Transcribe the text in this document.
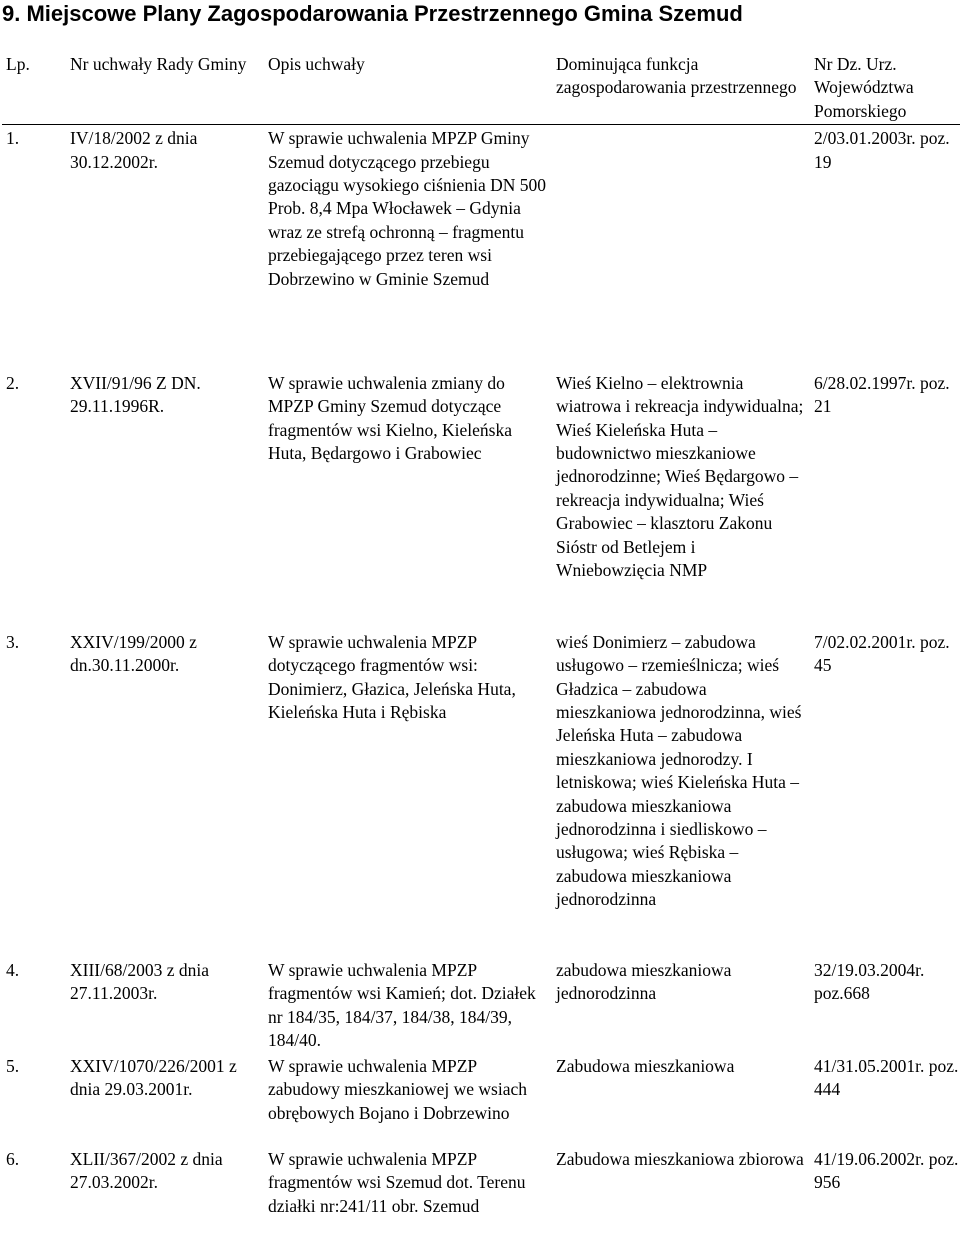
9. Miejscowe Plany Zagospodarowania Przestrzennego Gmina Szemud
Lp.	Nr uchwały Rady Gminy	Opis uchwały	Dominująca funkcja zagospodarowania przestrzennego	Nr Dz. Urz. Województwa Pomorskiego
1.	IV/18/2002 z dnia 30.12.2002r.	W sprawie uchwalenia MPZP Gminy Szemud dotyczącego przebiegu gazociągu wysokiego ciśnienia DN 500 Prob. 8,4 Mpa Włocławek – Gdynia wraz ze strefą ochronną – fragmentu przebiegającego przez teren wsi Dobrzewino w Gminie Szemud		2/03.01.2003r. poz. 19
2.	XVII/91/96 Z DN. 29.11.1996R.	W sprawie uchwalenia zmiany do MPZP Gminy Szemud dotyczące fragmentów wsi Kielno, Kieleńska Huta, Będargowo i Grabowiec	Wieś Kielno – elektrownia wiatrowa i rekreacja indywidualna; Wieś Kieleńska Huta – budownictwo mieszkaniowe jednorodzinne; Wieś Będargowo – rekreacja indywidualna; Wieś Grabowiec – klasztoru Zakonu Sióstr od Betlejem i Wniebowzięcia NMP	6/28.02.1997r. poz. 21
3.	XXIV/199/2000 z dn.30.11.2000r.	W sprawie uchwalenia MPZP dotyczącego fragmentów wsi: Donimierz, Głazica, Jeleńska Huta, Kieleńska Huta i Rębiska	wieś Donimierz – zabudowa usługowo – rzemieślnicza; wieś Gładzica – zabudowa mieszkaniowa jednorodzinna, wieś Jeleńska Huta – zabudowa mieszkaniowa jednorodzy. I letniskowa; wieś Kieleńska Huta – zabudowa mieszkaniowa jednorodzinna i siedliskowo – usługowa; wieś Rębiska – zabudowa mieszkaniowa jednorodzinna	7/02.02.2001r. poz. 45
4.	XIII/68/2003 z dnia 27.11.2003r.	W sprawie uchwalenia MPZP fragmentów wsi Kamień; dot. Działek nr 184/35, 184/37, 184/38, 184/39, 184/40.	zabudowa mieszkaniowa jednorodzinna	32/19.03.2004r. poz.668
5.	XXIV/1070/226/2001 z dnia 29.03.2001r.	W sprawie uchwalenia MPZP zabudowy mieszkaniowej we wsiach obrębowych Bojano i Dobrzewino	Zabudowa mieszkaniowa	41/31.05.2001r. poz. 444
6.	XLII/367/2002 z dnia 27.03.2002r.	W sprawie uchwalenia MPZP fragmentów wsi Szemud dot. Terenu działki nr:241/11 obr. Szemud	Zabudowa mieszkaniowa zbiorowa	41/19.06.2002r. poz. 956
